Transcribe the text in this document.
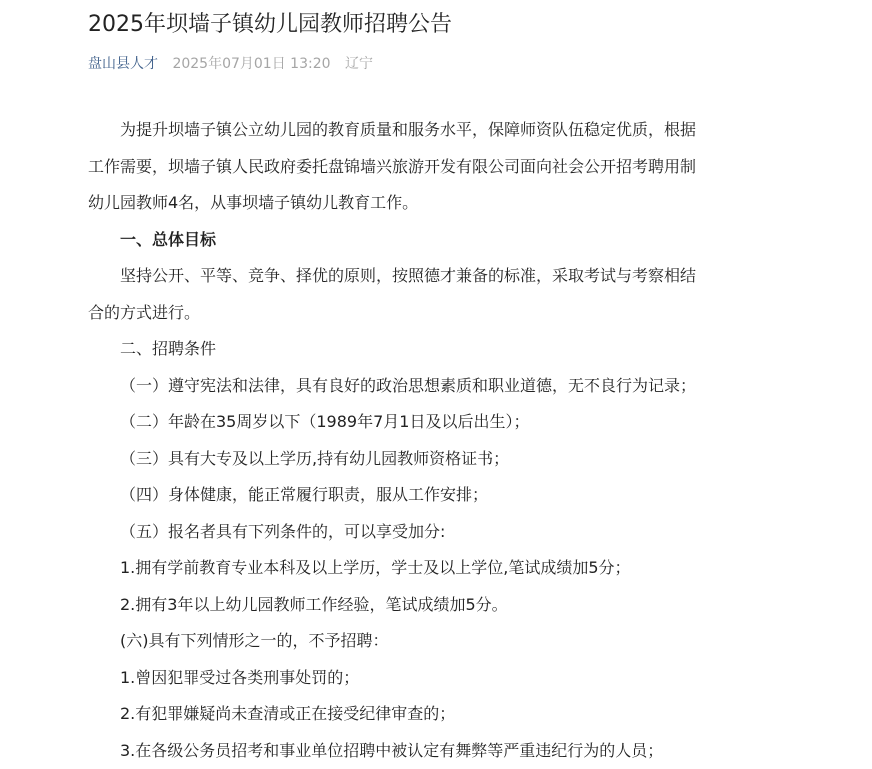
2025年坝墙子镇幼儿园教师招聘公告
盘山县人才 2025年07月01日 13:20 辽宁

为提升坝墙子镇公立幼儿园的教育质量和服务水平，保障师资队伍稳定优质，根据

工作需要，坝墙子镇人民政府委托盘锦墙兴旅游开发有限公司面向社会公开招考聘用制

幼儿园教师4名，从事坝墙子镇幼儿教育工作。

一、总体目标

坚持公开、平等、竞争、择优的原则，按照德才兼备的标准，采取考试与考察相结

合的方式进行。

二、招聘条件

（一）遵守宪法和法律，具有良好的政治思想素质和职业道德，无不良行为记录；

（二）年龄在35周岁以下（1989年7月1日及以后出生）；

（三）具有大专及以上学历,持有幼儿园教师资格证书；

（四）身体健康，能正常履行职责，服从工作安排；

（五）报名者具有下列条件的，可以享受加分:

1.拥有学前教育专业本科及以上学历，学士及以上学位,笔试成绩加5分；

2.拥有3年以上幼儿园教师工作经验，笔试成绩加5分。

(六)具有下列情形之一的，不予招聘：

1.曾因犯罪受过各类刑事处罚的；

2.有犯罪嫌疑尚未查清或正在接受纪律审查的；

3.在各级公务员招考和事业单位招聘中被认定有舞弊等严重违纪行为的人员；
